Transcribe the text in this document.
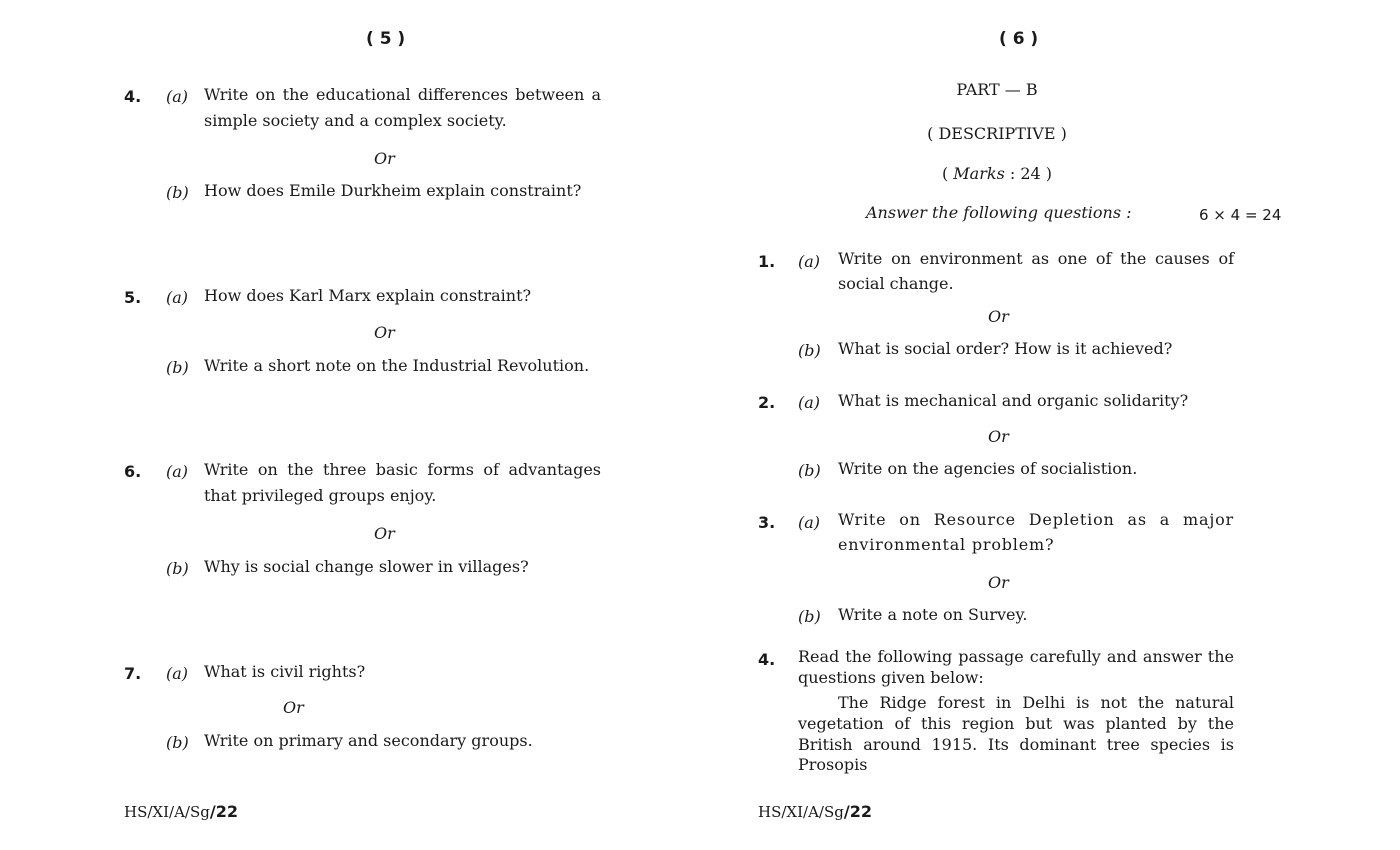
( 5 )
4. (a) Write on the educational differences between a simple society and a complex society.
Or
(b) How does Emile Durkheim explain constraint?
5. (a) How does Karl Marx explain constraint?
Or
(b) Write a short note on the Industrial Revolution.
6. (a) Write on the three basic forms of advantages that privileged groups enjoy.
Or
(b) Why is social change slower in villages?
7. (a) What is civil rights?
Or
(b) Write on primary and secondary groups.
HS/XI/A/Sg/22
( 6 )
PART — B
( DESCRIPTIVE )
( Marks : 24 )
Answer the following questions :	6 × 4 = 24
1. (a) Write on environment as one of the causes of social change.
Or
(b) What is social order? How is it achieved?
2. (a) What is mechanical and organic solidarity?
Or
(b) Write on the agencies of socialistion.
3. (a) Write on Resource Depletion as a major environmental problem?
Or
(b) Write a note on Survey.
4. Read the following passage carefully and answer the questions given below:
The Ridge forest in Delhi is not the natural vegetation of this region but was planted by the British around 1915. Its dominant tree species is Prosopis
HS/XI/A/Sg/22
